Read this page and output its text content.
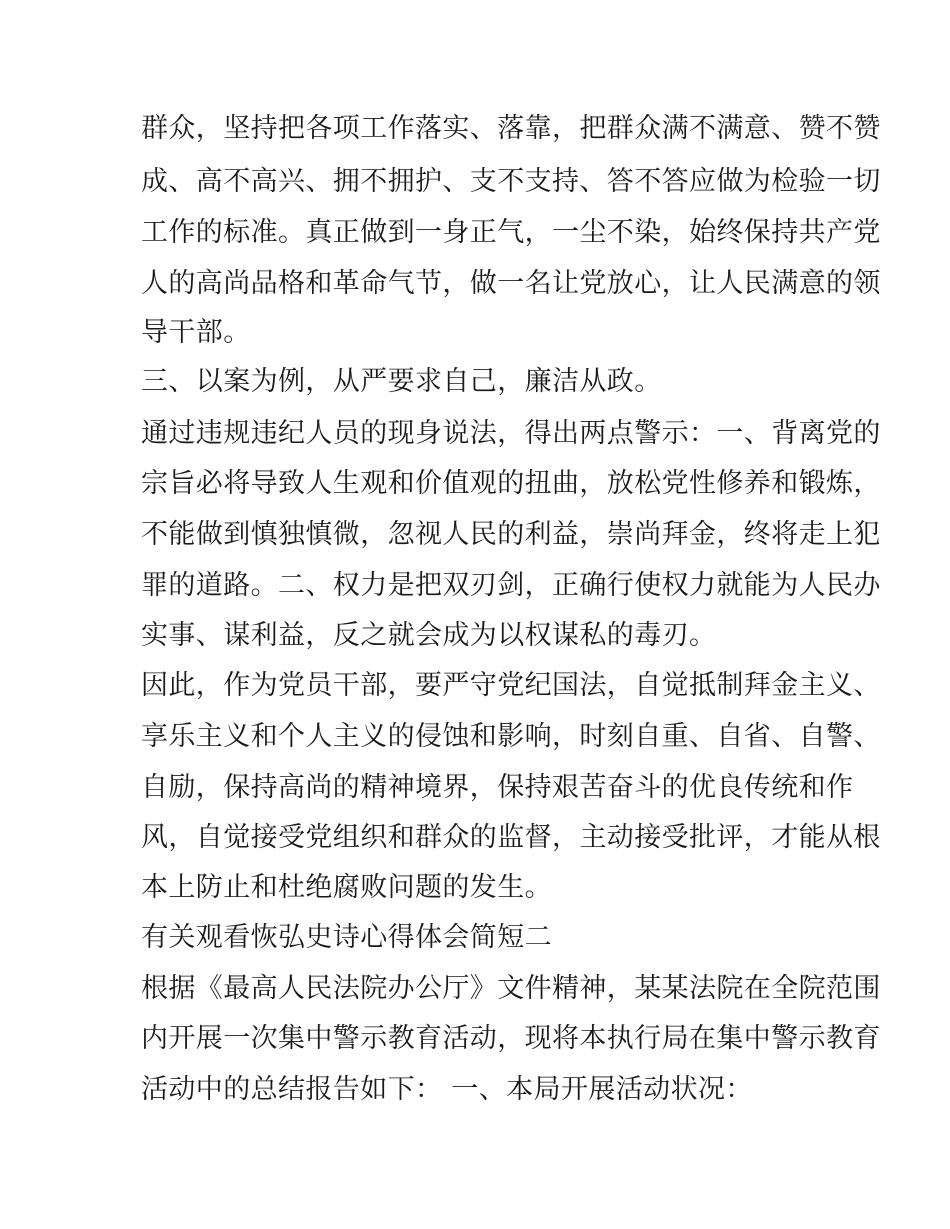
群众，坚持把各项工作落实、落靠，把群众满不满意、赞不赞
成、高不高兴、拥不拥护、支不支持、答不答应做为检验一切
工作的标准。真正做到一身正气，一尘不染，始终保持共产党
人的高尚品格和革命气节，做一名让党放心，让人民满意的领
导干部。
三、以案为例，从严要求自己，廉洁从政。
通过违规违纪人员的现身说法，得出两点警示：一、背离党的
宗旨必将导致人生观和价值观的扭曲，放松党性修养和锻炼，
不能做到慎独慎微，忽视人民的利益，崇尚拜金，终将走上犯
罪的道路。二、权力是把双刃剑，正确行使权力就能为人民办
实事、谋利益，反之就会成为以权谋私的毒刃。
因此，作为党员干部，要严守党纪国法，自觉抵制拜金主义、
享乐主义和个人主义的侵蚀和影响，时刻自重、自省、自警、
自励，保持高尚的精神境界，保持艰苦奋斗的优良传统和作
风，自觉接受党组织和群众的监督，主动接受批评，才能从根
本上防止和杜绝腐败问题的发生。
有关观看恢弘史诗心得体会简短二
根据《最高人民法院办公厅》文件精神，某某法院在全院范围
内开展一次集中警示教育活动，现将本执行局在集中警示教育
活动中的总结报告如下： 一、本局开展活动状况：
